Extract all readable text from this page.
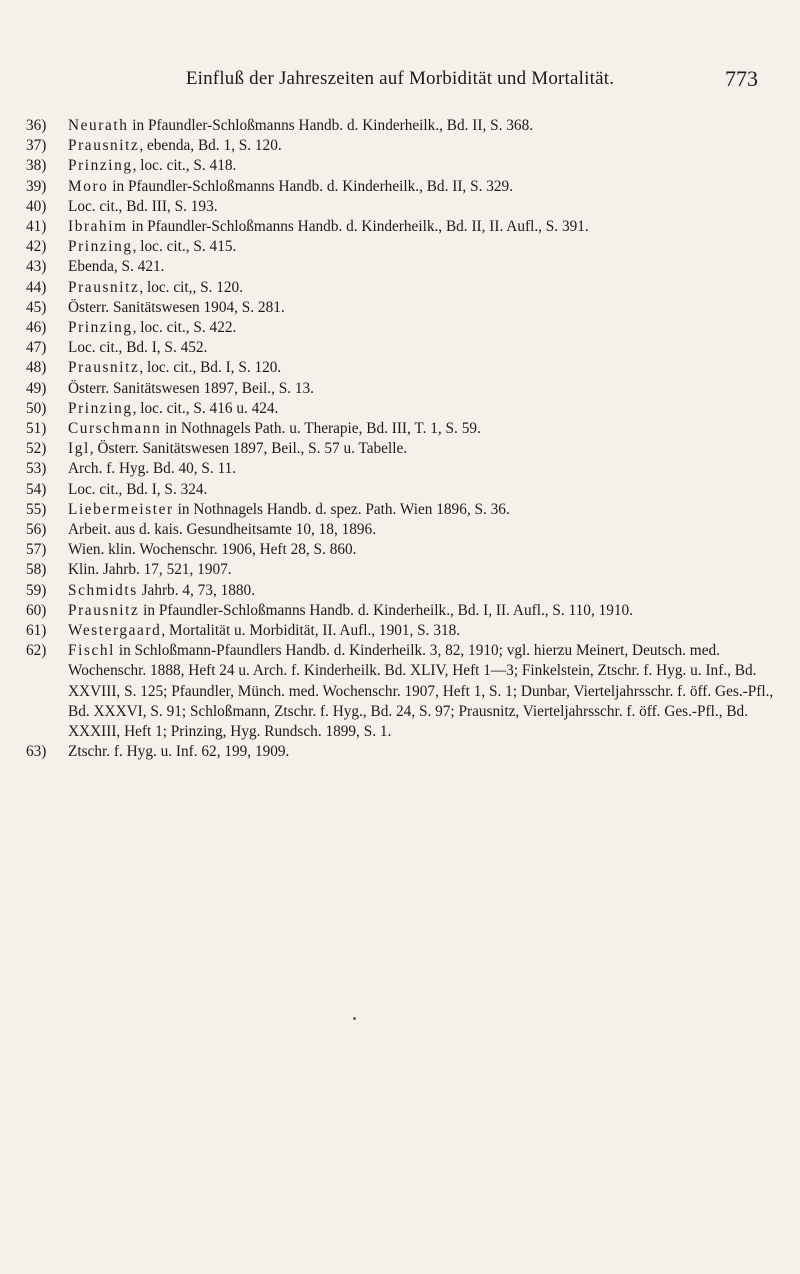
Einfluß der Jahreszeiten auf Morbidität und Mortalität.	773
36) Neurath in Pfaundler-Schloßmanns Handb. d. Kinderheilk., Bd. II, S. 368.
37) Prausnitz, ebenda, Bd. 1, S. 120.
38) Prinzing, loc. cit., S. 418.
39) Moro in Pfaundler-Schloßmanns Handb. d. Kinderheilk., Bd. II, S. 329.
40) Loc. cit., Bd. III, S. 193.
41) Ibrahim in Pfaundler-Schloßmanns Handb. d. Kinderheilk., Bd. II, II. Aufl., S. 391.
42) Prinzing, loc. cit., S. 415.
43) Ebenda, S. 421.
44) Prausnitz, loc. cit,, S. 120.
45) Österr. Sanitätswesen 1904, S. 281.
46) Prinzing, loc. cit., S. 422.
47) Loc. cit., Bd. I, S. 452.
48) Prausnitz, loc. cit., Bd. I, S. 120.
49) Österr. Sanitätswesen 1897, Beil., S. 13.
50) Prinzing, loc. cit., S. 416 u. 424.
51) Curschmann in Nothnagels Path. u. Therapie, Bd. III, T. 1, S. 59.
52) Igl, Österr. Sanitätswesen 1897, Beil., S. 57 u. Tabelle.
53) Arch. f. Hyg. Bd. 40, S. 11.
54) Loc. cit., Bd. I, S. 324.
55) Liebermeister in Nothnagels Handb. d. spez. Path. Wien 1896, S. 36.
56) Arbeit. aus d. kais. Gesundheitsamte 10, 18, 1896.
57) Wien. klin. Wochenschr. 1906, Heft 28, S. 860.
58) Klin. Jahrb. 17, 521, 1907.
59) Schmidts Jahrb. 4, 73, 1880.
60) Prausnitz in Pfaundler-Schloßmanns Handb. d. Kinderheilk., Bd. I, II. Aufl., S. 110, 1910.
61) Westergaard, Mortalität u. Morbidität, II. Aufl., 1901, S. 318.
62) Fischl in Schloßmann-Pfaundlers Handb. d. Kinderheilk. 3, 82, 1910; vgl. hierzu Meinert, Deutsch. med. Wochenschr. 1888, Heft 24 u. Arch. f. Kinderheilk. Bd. XLIV, Heft 1—3; Finkelstein, Ztschr. f. Hyg. u. Inf., Bd. XXVIII, S. 125; Pfaundler, Münch. med. Wochenschr. 1907, Heft 1, S. 1; Dunbar, Vierteljahrsschr. f. öff. Ges.-Pfl., Bd. XXXVI, S. 91; Schloßmann, Ztschr. f. Hyg., Bd. 24, S. 97; Prausnitz, Vierteljahrsschr. f. öff. Ges.-Pfl., Bd. XXXIII, Heft 1; Prinzing, Hyg. Rundsch. 1899, S. 1.
63) Ztschr. f. Hyg. u. Inf. 62, 199, 1909.
